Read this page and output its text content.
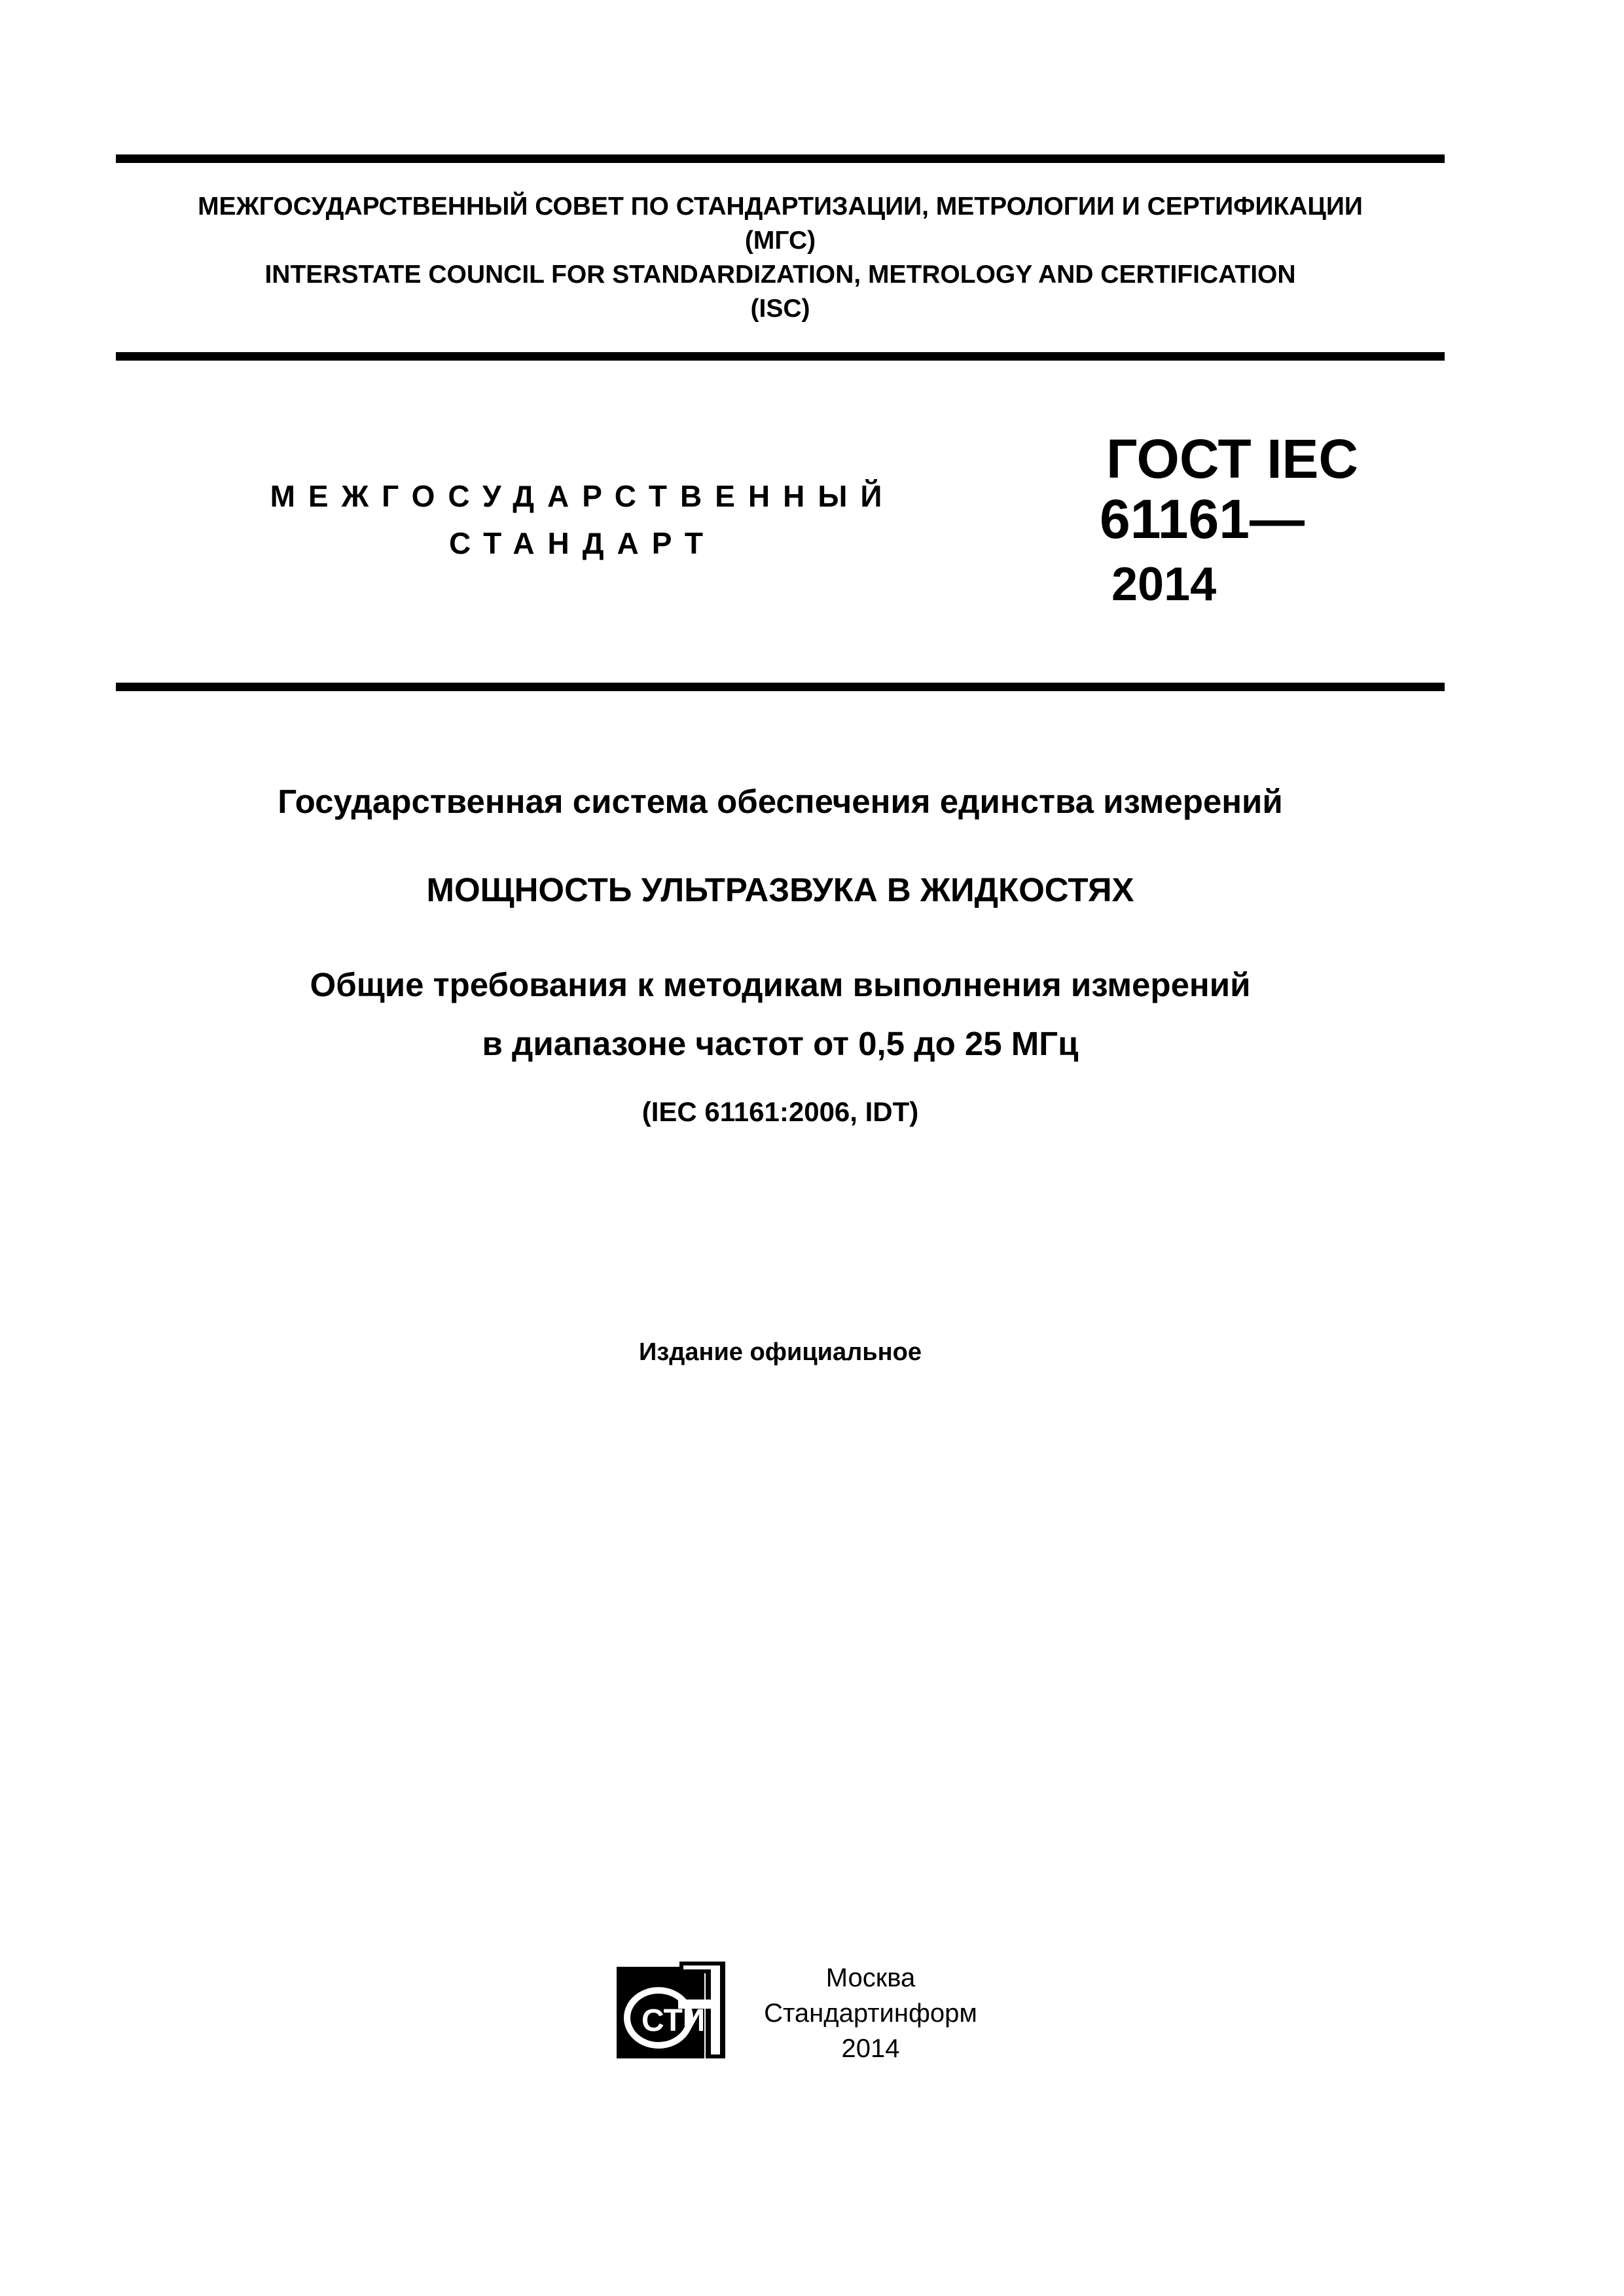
МЕЖГОСУДАРСТВЕННЫЙ СОВЕТ ПО СТАНДАРТИЗАЦИИ, МЕТРОЛОГИИ И СЕРТИФИКАЦИИ
(МГС)
INTERSTATE COUNCIL FOR STANDARDIZATION, METROLOGY AND CERTIFICATION
(ISC)
МЕЖГОСУДАРСТВЕННЫЙ
СТАНДАРТ
ГОСТ IEC
61161—
2014
Государственная система обеспечения единства измерений
МОЩНОСТЬ УЛЬТРАЗВУКА В ЖИДКОСТЯХ
Общие требования к методикам выполнения измерений
в диапазоне частот от 0,5 до 25 МГц
(IEC 61161:2006, IDT)
Издание официальное
СТИ
Москва
Стандартинформ
2014
